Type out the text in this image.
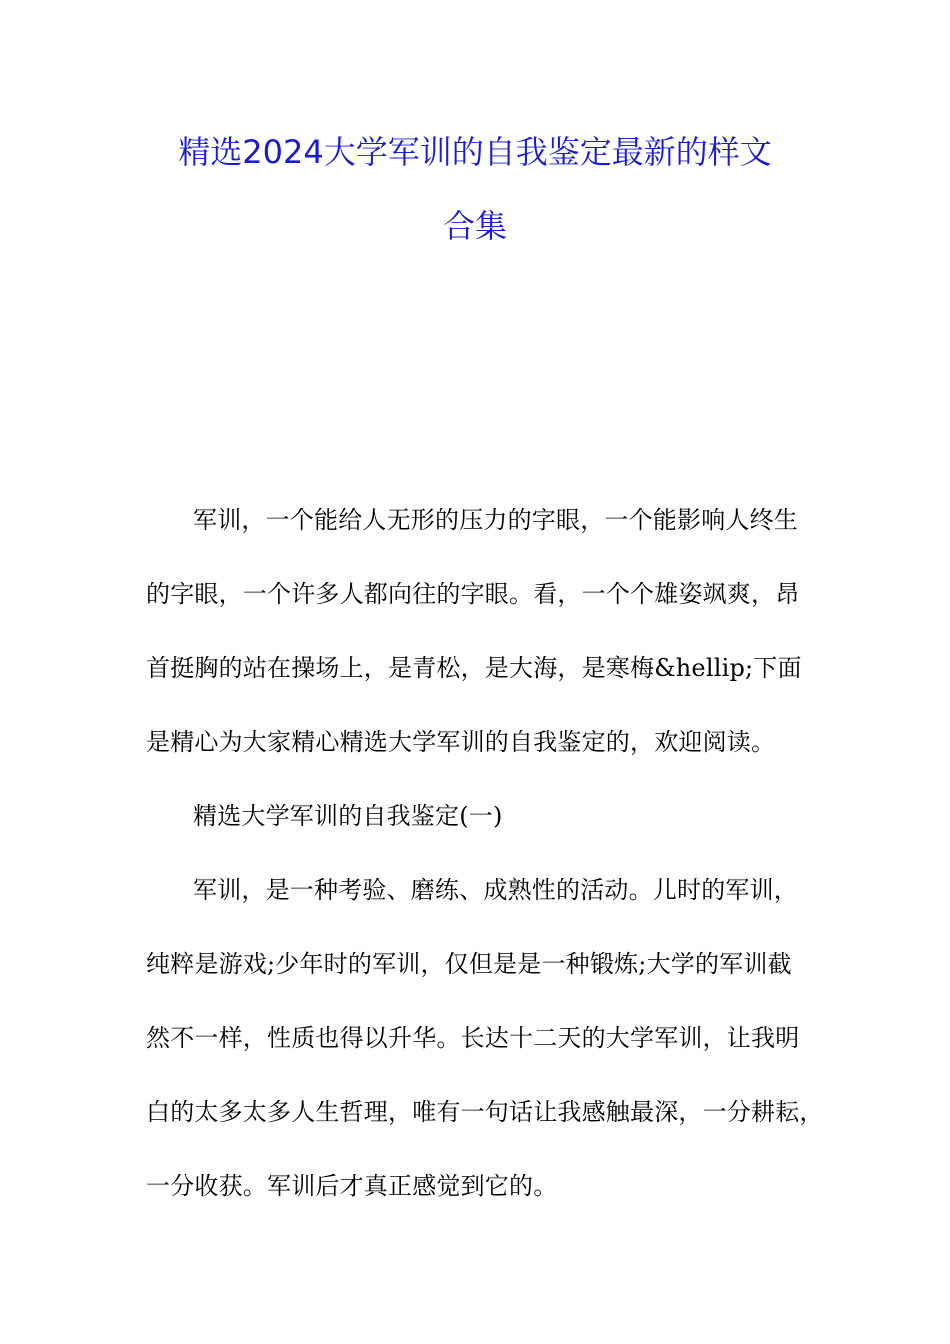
精选2024大学军训的自我鉴定最新的样文
合集
军训，一个能给人无形的压力的字眼，一个能影响人终生
的字眼，一个许多人都向往的字眼。看，一个个雄姿飒爽，昂
首挺胸的站在操场上，是青松，是大海，是寒梅&hellip;下面
是精心为大家精心精选大学军训的自我鉴定的，欢迎阅读。
精选大学军训的自我鉴定(一)
军训，是一种考验、磨练、成熟性的活动。儿时的军训，
纯粹是游戏;少年时的军训，仅但是是一种锻炼;大学的军训截
然不一样，性质也得以升华。长达十二天的大学军训，让我明
白的太多太多人生哲理，唯有一句话让我感触最深，一分耕耘，
一分收获。军训后才真正感觉到它的。
